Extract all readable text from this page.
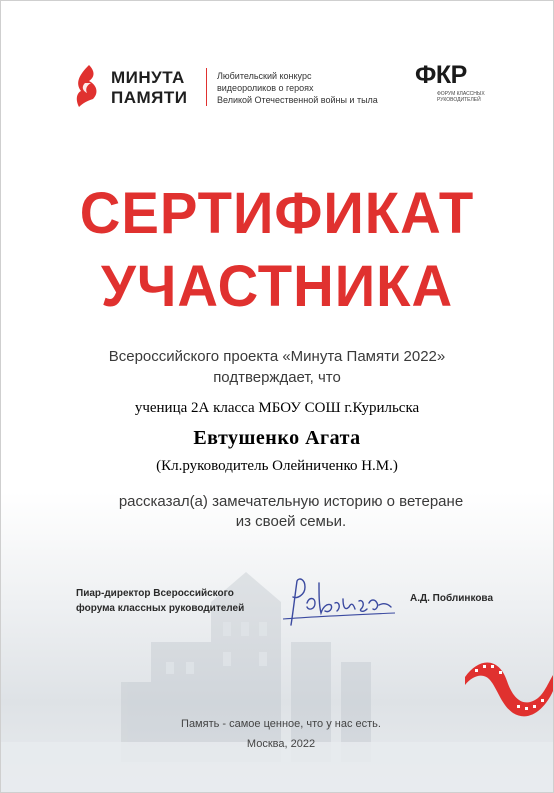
МИНУТА
ПАМЯТИ
Любительский конкурс
видеороликов о героях
Великой Отечественной войны и тыла
ФКР
ФОРУМ КЛАССНЫХ РУКОВОДИТЕЛЕЙ
СЕРТИФИКАТ
УЧАСТНИКА
Всероссийского проекта «Минута Памяти 2022»
подтверждает, что
ученица 2А класса МБОУ СОШ г.Курильска
Евтушенко Агата
(Кл.руководитель Олейниченко Н.М.)
рассказал(а) замечательную историю о ветеране
из своей семьи.
Пиар-директор Всероссийского
форума классных руководителей
А.Д. Поблинкова
Память - самое ценное, что у нас есть.
Москва, 2022
